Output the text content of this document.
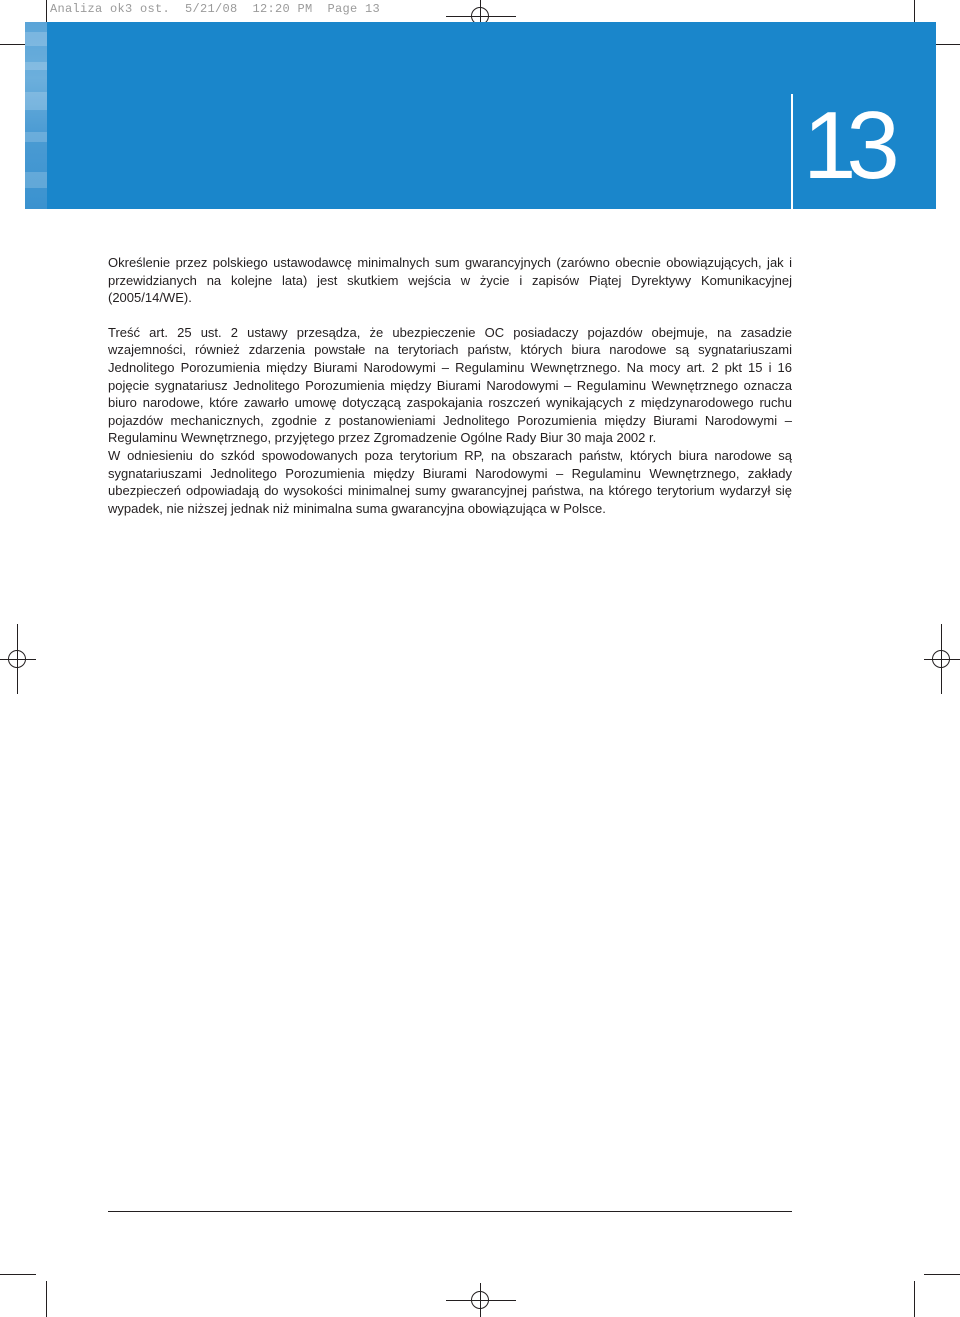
Analiza ok3 ost.  5/21/08  12:20 PM  Page 13
13

Określenie przez polskiego ustawodawcę minimalnych sum gwarancyjnych (zarówno obecnie obowiązujących, jak i przewidzianych na kolejne lata) jest skutkiem wejścia w życie i zapisów Piątej Dyrektywy Komunikacyjnej (2005/14/WE).

Treść art. 25 ust. 2 ustawy przesądza, że ubezpieczenie OC posiadaczy pojazdów obejmuje, na zasadzie wzajemności, również zdarzenia powstałe na terytoriach państw, których biura narodowe są sygnatariuszami Jednolitego Porozumienia między Biurami Narodowymi – Regulaminu Wewnętrznego. Na mocy art. 2 pkt 15 i 16 pojęcie sygnatariusz Jednolitego Porozumienia między Biurami Narodowymi – Regulaminu Wewnętrznego oznacza biuro narodowe, które zawarło umowę dotyczącą zaspokajania roszczeń wynikających z międzynarodowego ruchu pojazdów mechanicznych, zgodnie z postanowieniami Jednolitego Porozumienia między Biurami Narodowymi – Regulaminu Wewnętrznego, przyjętego przez Zgromadzenie Ogólne Rady Biur 30 maja 2002 r.

W odniesieniu do szkód spowodowanych poza terytorium RP, na obszarach państw, których biura narodowe są sygnatariuszami Jednolitego Porozumienia między Biurami Narodowymi – Regulaminu Wewnętrznego, zakłady ubezpieczeń odpowiadają do wysokości minimalnej sumy gwarancyjnej państwa, na którego terytorium wydarzył się wypadek, nie niższej jednak niż minimalna suma gwarancyjna obowiązująca w Polsce.
